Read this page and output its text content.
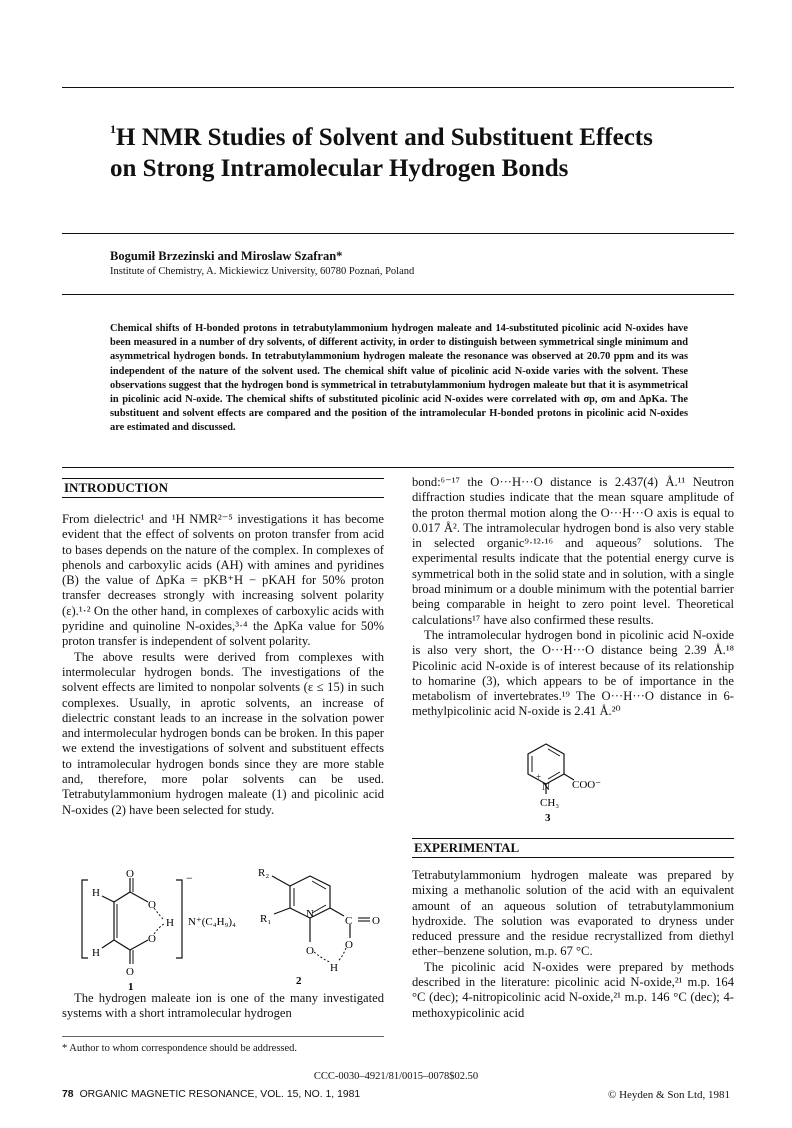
$^1$H NMR Studies of Solvent and Substituent Effects on Strong Intramolecular Hydrogen Bonds

Bogumił Brzezinski and Miroslaw Szafran*

Institute of Chemistry, A. Mickiewicz University, 60780 Poznań, Poland

Chemical shifts of H-bonded protons in tetrabutylammonium hydrogen maleate and 14-substituted picolinic acid N-oxides have been measured in a number of dry solvents, of different activity, in order to distinguish between symmetrical single minimum and asymmetrical hydrogen bonds. In tetrabutylammonium hydrogen maleate the resonance was observed at 20.70 ppm and its was independent of the nature of the solvent used. The chemical shift value of picolinic acid N-oxide varies with the solvent. These observations suggest that the hydrogen bond is symmetrical in tetrabutylammonium hydrogen maleate but that it is asymmetrical in picolinic acid N-oxide. The chemical shifts of substituted picolinic acid N-oxides were correlated with σp, σm and ΔpKa. The substituent and solvent effects are compared and the position of the intramolecular H-bonded protons in picolinic acid N-oxides are estimated and discussed.

INTRODUCTION

From dielectric¹ and ¹H NMR²⁻⁵ investigations it has become evident that the effect of solvents on proton transfer from acid to bases depends on the nature of the complex. In complexes of phenols and carboxylic acids (AH) with amines and pyridines (B) the value of ΔpKa = pKB⁺H − pKAH for 50% proton transfer decreases strongly with increasing solvent polarity (ε).¹·² On the other hand, in complexes of carboxylic acids with pyridine and quinoline N-oxides,³·⁴ the ΔpKa value for 50% proton transfer is independent of solvent polarity.

The above results were derived from complexes with intermolecular hydrogen bonds. The investigations of the solvent effects are limited to nonpolar solvents (ε ≤ 15) in such complexes. Usually, in aprotic solvents, an increase of dielectric constant leads to an increase in the solvation power and intermolecular hydrogen bonds can be broken. In this paper we extend the investigations of solvent and substituent effects to intramolecular hydrogen bonds since they are more stable and, therefore, more polar solvents can be used. Tetrabutylammonium hydrogen maleate (1) and picolinic acid N-oxides (2) have been selected for study.

−
H
H
O
O
O
O
H N⁺(C₄H₉)₄
1
R₂
R₁	N
C O
O	O
H
2

The hydrogen maleate ion is one of the many investigated systems with a short intramolecular hydrogen

* Author to whom correspondence should be addressed.

bond:⁶⁻¹⁷ the O···H···O distance is 2.437(4) Å.¹¹ Neutron diffraction studies indicate that the mean square amplitude of the proton thermal motion along the O···H···O axis is equal to 0.017 Å². The intramolecular hydrogen bond is also very stable in selected organic⁹·¹²·¹⁶ and aqueous⁷ solutions. The experimental results indicate that the potential energy curve is symmetrical both in the solid state and in solution, with a single broad minimum or a double minimum with the potential barrier being comparable in height to zero point level. Theoretical calculations¹⁷ have also confirmed these results.

The intramolecular hydrogen bond in picolinic acid N-oxide is also very short, the O···H···O distance being 2.39 Å.¹⁸ Picolinic acid N-oxide is of interest because of its relationship to homarine (3), which appears to be of importance in the metabolism of invertebrates.¹⁹ The O···H···O distance in 6-methylpicolinic acid N-oxide is 2.41 Å.²⁰

+
N COO⁻
CH₃
3
EXPERIMENTAL

Tetrabutylammonium hydrogen maleate was prepared by mixing a methanolic solution of the acid with an equivalent amount of an aqueous solution of tetrabutylammonium hydroxide. The solution was evaporated to dryness under reduced pressure and the residue recrystallized from diethyl ether–benzene solution, m.p. 67 °C.

The picolinic acid N-oxides were prepared by methods described in the literature: picolinic acid N-oxide,²¹ m.p. 164 °C (dec); 4-nitropicolinic acid N-oxide,²¹ m.p. 146 °C (dec); 4-methoxypicolinic acid

CCC-0030–4921/81/0015–0078$02.50

78 ORGANIC MAGNETIC RESONANCE, VOL. 15, NO. 1, 1981	© Heyden & Son Ltd, 1981
